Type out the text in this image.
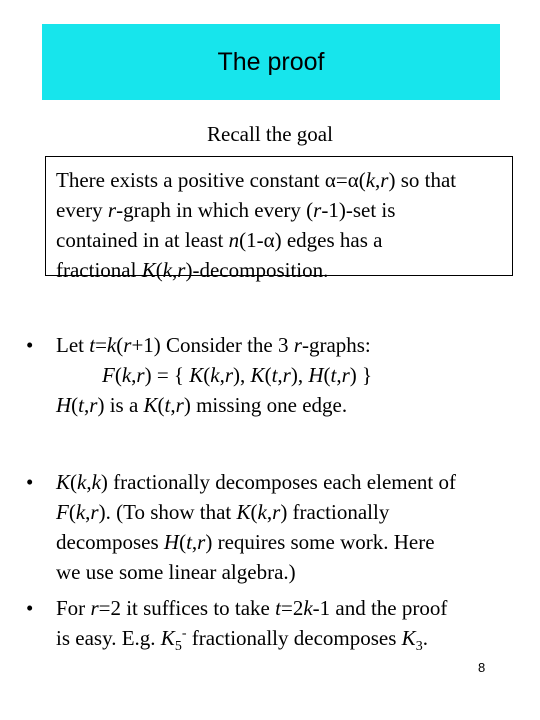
The proof
Recall the goal
There exists a positive constant α=α(k,r) so that
every r-graph in which every (r-1)-set is
contained in at least n(1-α) edges has a
fractional K(k,r)-decomposition.
• Let t=k(r+1) Consider the 3 r-graphs:
F(k,r) = { K(k,r), K(t,r), H(t,r) }
H(t,r) is a K(t,r) missing one edge.
• K(k,k) fractionally decomposes each element of
F(k,r). (To show that K(k,r) fractionally
decomposes H(t,r) requires some work. Here
we use some linear algebra.)
• For r=2 it suffices to take t=2k-1 and the proof
is easy. E.g. $K_5^-$ fractionally decomposes $K_3$.
8
